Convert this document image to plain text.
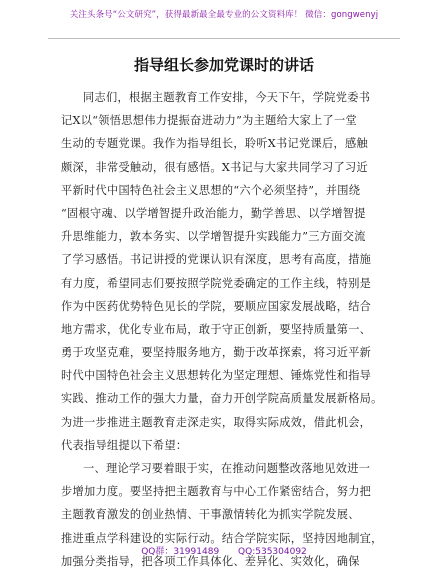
关注头条号“公文研究”，获得最新最全最专业的公文资料库！ 微信：gongwenyj
指导组长参加党课时的讲话
同志们，根据主题教育工作安排，今天下午，学院党委书
记X以“领悟思想伟力提振奋进动力”为主题给大家上了一堂
生动的专题党课。我作为指导组长，聆听X书记党课后，感触
颇深，非常受触动，很有感悟。X书记与大家共同学习了习近
平新时代中国特色社会主义思想的“六个必须坚持”，并围绕
“固根守魂、以学增智提升政治能力，勤学善思、以学增智提
升思维能力，敦本务实、以学增智提升实践能力”三方面交流
了学习感悟。书记讲授的党课认识有深度，思考有高度，措施
有力度，希望同志们要按照学院党委确定的工作主线，特别是
作为中医药优势特色见长的学院，要顺应国家发展战略，结合
地方需求，优化专业布局，敢于守正创新，要坚持质量第一、
勇于攻坚克难，要坚持服务地方，勤于改革探索，将习近平新
时代中国特色社会主义思想转化为坚定理想、锤炼党性和指导
实践、推动工作的强大力量，奋力开创学院高质量发展新格局。
为进一步推进主题教育走深走实，取得实际成效，借此机会，
代表指导组提以下希望：
一、理论学习要着眼于实，在推动问题整改落地见效进一
步增加力度。要坚持把主题教育与中心工作紧密结合，努力把
主题教育激发的创业热情、干事激情转化为抓实学院发展、
推进重点学科建设的实际行动。结合学院实际，坚持因地制宜，
加强分类指导，把各项工作具体化、差异化、实效化，确保
QQ群：31991489 QQ:535304092
